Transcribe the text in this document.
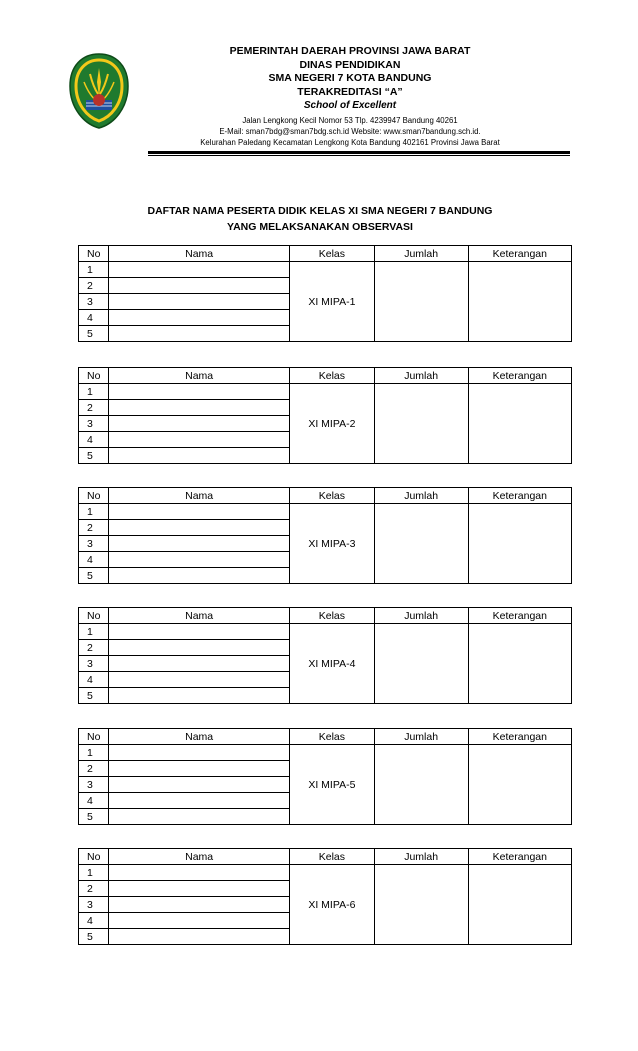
PEMERINTAH DAERAH PROVINSI JAWA BARAT
DINAS PENDIDIKAN
SMA NEGERI 7 KOTA BANDUNG
TERAKREDITASI “A”
School of Excellent
Jalan Lengkong Kecil Nomor 53 Tlp. 4239947 Bandung 40261
E-Mail: sman7bdg@sman7bdg.sch.id Website: www.sman7bandung.sch.id.
Kelurahan Paledang Kecamatan Lengkong Kota Bandung 402161 Provinsi Jawa Barat
DAFTAR NAMA PESERTA DIDIK KELAS XI SMA NEGERI 7 BANDUNG
YANG MELAKSANAKAN OBSERVASI
No	Nama	Kelas	Jumlah	Keterangan
1		XI MIPA-1		
2				
3				
4				
5				
No	Nama	Kelas	Jumlah	Keterangan
1		XI MIPA-2		
2				
3				
4				
5				
No	Nama	Kelas	Jumlah	Keterangan
1		XI MIPA-3		
2				
3				
4				
5				
No	Nama	Kelas	Jumlah	Keterangan
1		XI MIPA-4		
2				
3				
4				
5				
No	Nama	Kelas	Jumlah	Keterangan
1		XI MIPA-5		
2				
3				
4				
5				
No	Nama	Kelas	Jumlah	Keterangan
1		XI MIPA-6		
2				
3				
4				
5				
